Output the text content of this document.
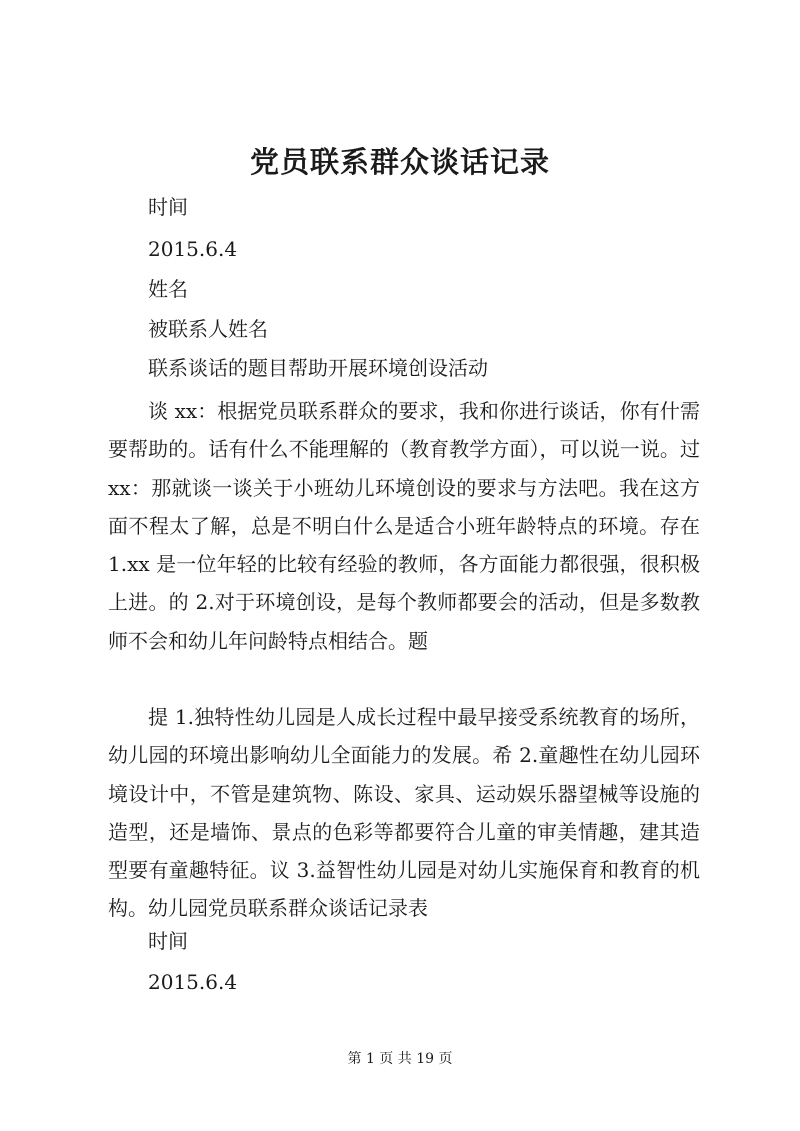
党员联系群众谈话记录
时间
2015.6.4
姓名
被联系人姓名
联系谈话的题目帮助开展环境创设活动

谈 xx：根据党员联系群众的要求，我和你进行谈话，你有什需要帮助的。话有什么不能理解的（教育教学方面），可以说一说。过 xx：那就谈一谈关于小班幼儿环境创设的要求与方法吧。我在这方面不程太了解，总是不明白什么是适合小班年龄特点的环境。存在 1.xx 是一位年轻的比较有经验的教师，各方面能力都很强，很积极上进。的 2.对于环境创设，是每个教师都要会的活动，但是多数教师不会和幼儿年问龄特点相结合。题

提 1.独特性幼儿园是人成长过程中最早接受系统教育的场所，幼儿园的环境出影响幼儿全面能力的发展。希 2.童趣性在幼儿园环境设计中，不管是建筑物、陈设、家具、运动娱乐器望械等设施的造型，还是墙饰、景点的色彩等都要符合儿童的审美情趣，建其造型要有童趣特征。议 3.益智性幼儿园是对幼儿实施保育和教育的机构。幼儿园党员联系群众谈话记录表

时间
2015.6.4
第 1 页 共 19 页
